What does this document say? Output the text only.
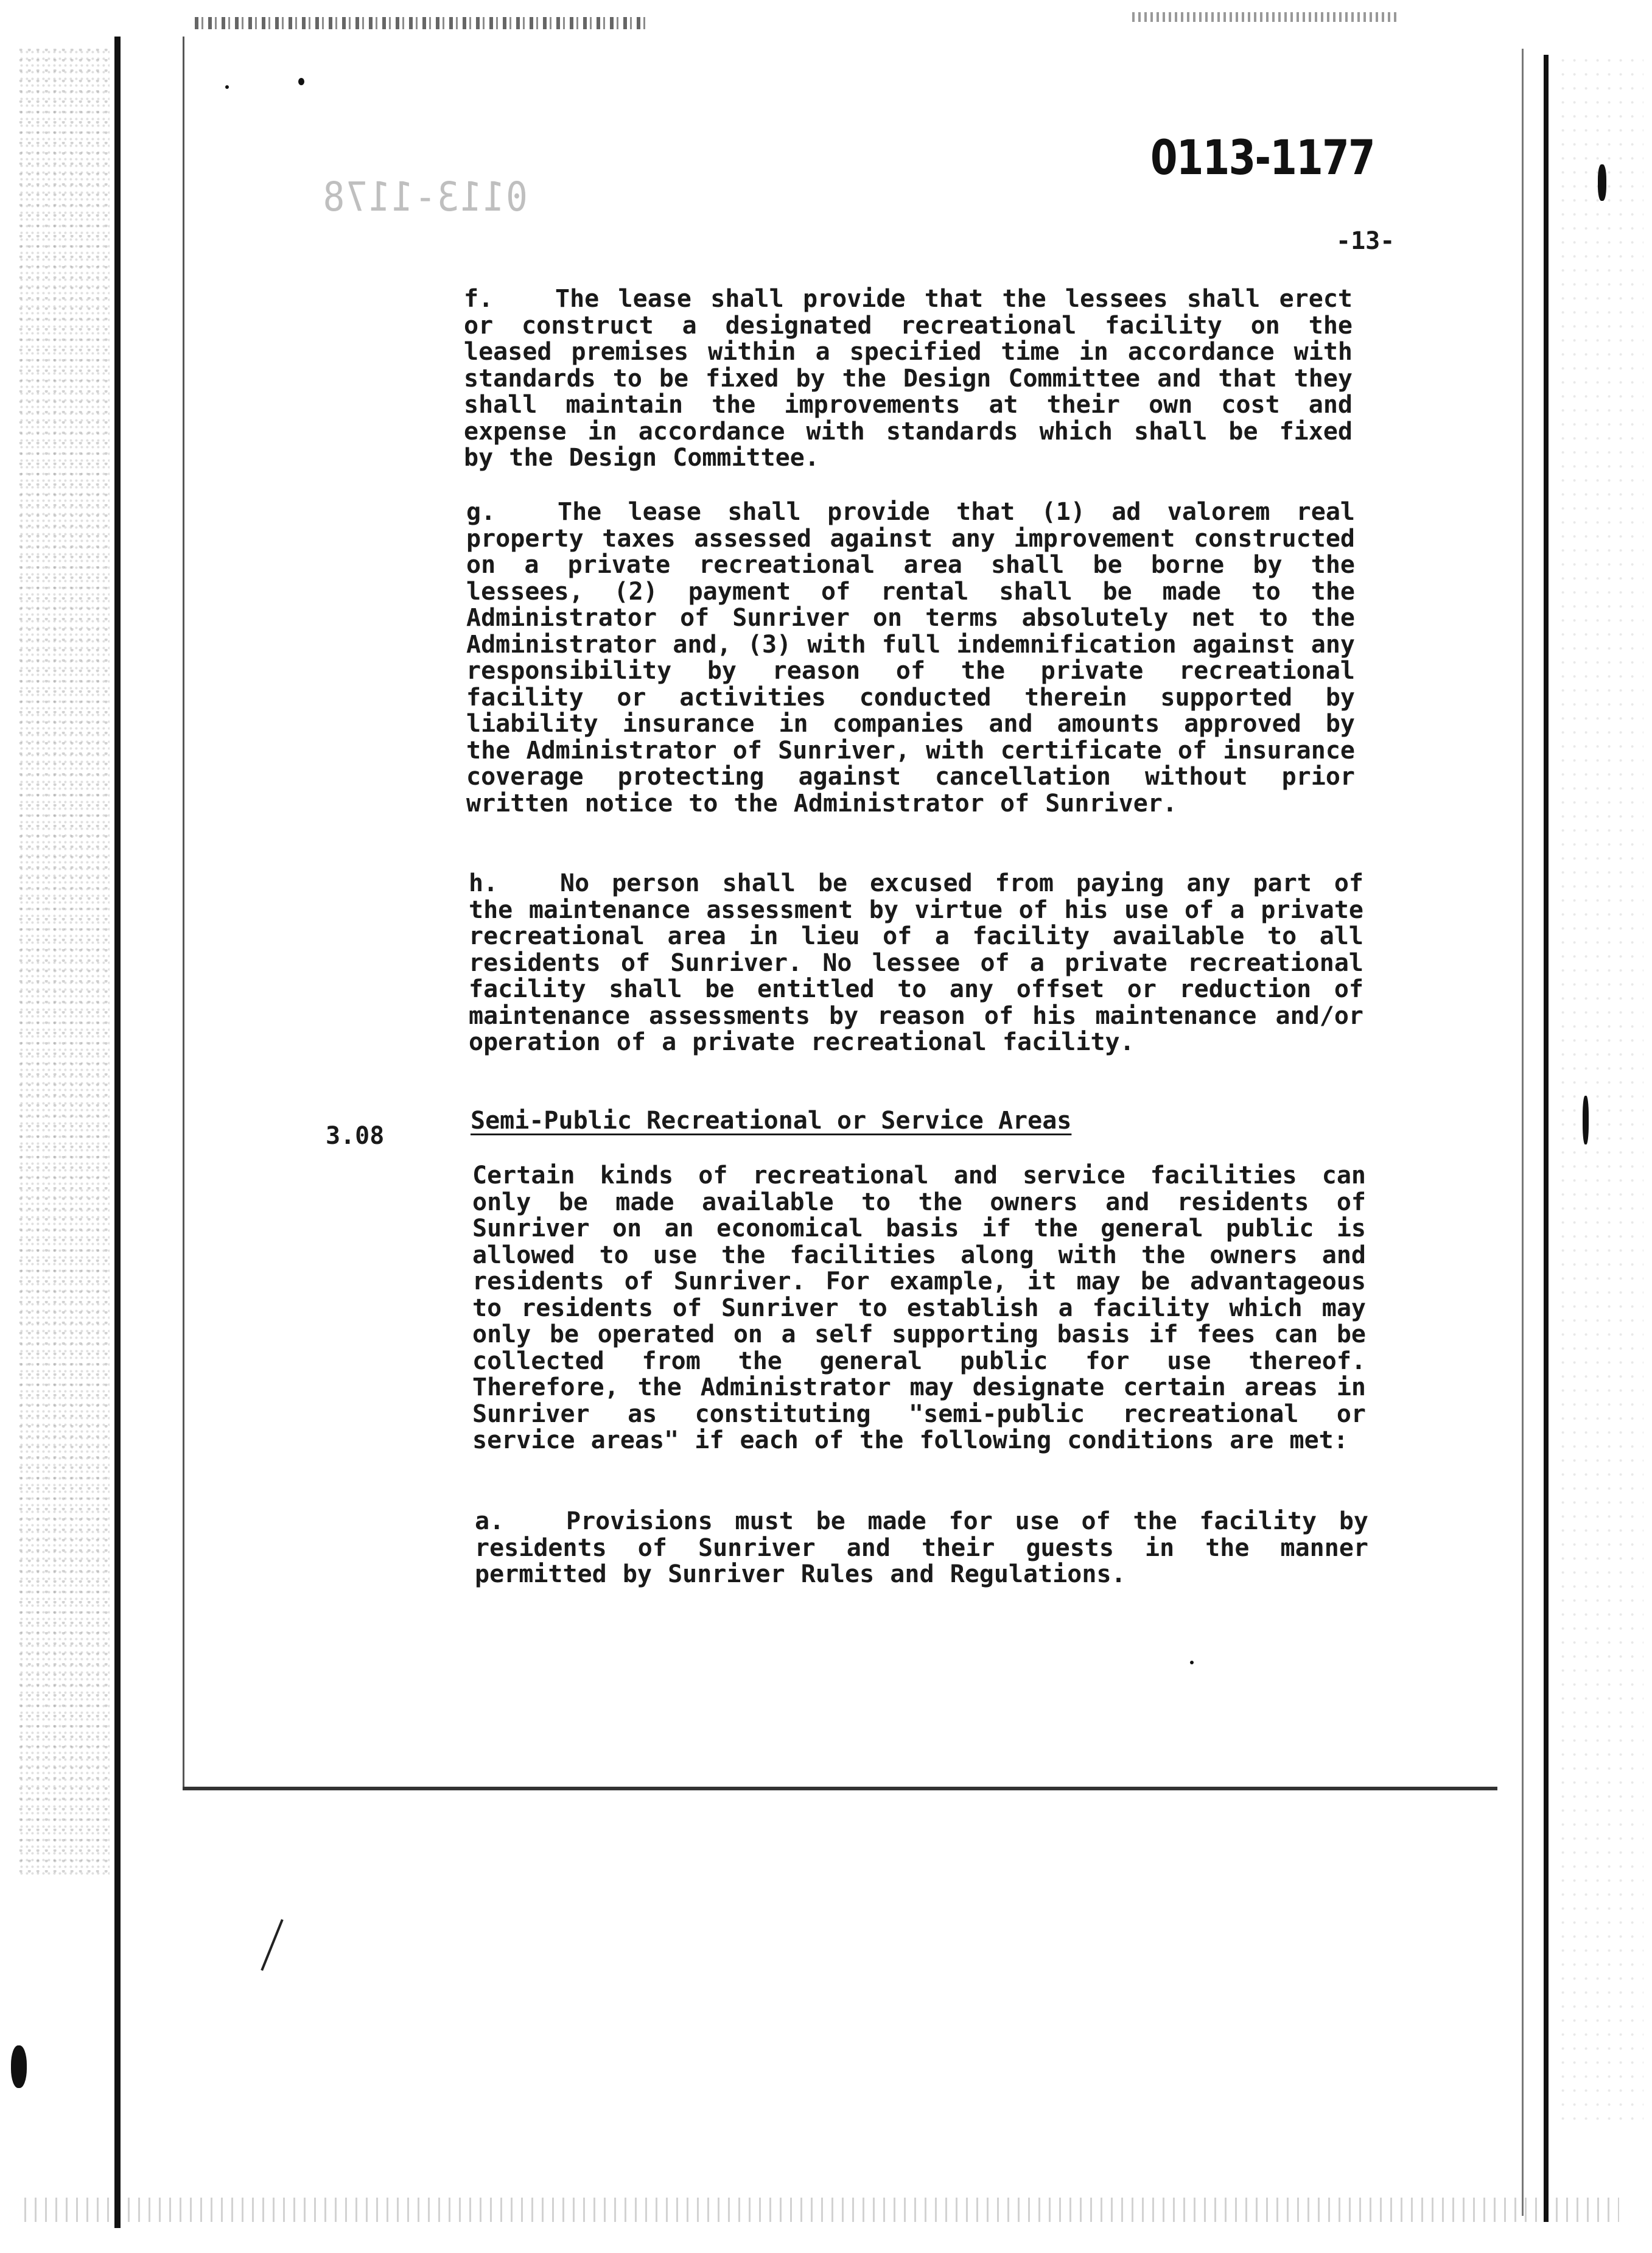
0113-1177
0113-1178
-13-
f.	The lease shall provide that the lessees shall erect or construct a designated recreational facility on the leased premises within a specified time in accordance with standards to be fixed by the Design Committee and that they shall maintain the improvements at their own cost and expense in accordance with standards which shall be fixed by the Design Committee.
g.	The lease shall provide that (1) ad valorem real property taxes assessed against any improvement constructed on a private recreational area shall be borne by the lessees, (2) payment of rental shall be made to the Administrator of Sunriver on terms absolutely net to the Administrator and, (3) with full indemnification against any responsibility by reason of the private recreational facility or activities conducted therein supported by liability insurance in companies and amounts approved by the Administrator of Sunriver, with certificate of insurance coverage protecting against cancellation without prior written notice to the Administrator of Sunriver.
h.	No person shall be excused from paying any part of the maintenance assessment by virtue of his use of a private recreational area in lieu of a facility available to all residents of Sunriver. No lessee of a private recreational facility shall be entitled to any offset or reduction of maintenance assessments by reason of his maintenance and/or operation of a private recreational facility.
3.08
Semi-Public Recreational or Service Areas
Certain kinds of recreational and service facilities can only be made available to the owners and residents of Sunriver on an economical basis if the general public is allowed to use the facilities along with the owners and residents of Sunriver. For example, it may be advantageous to residents of Sunriver to establish a facility which may only be operated on a self supporting basis if fees can be collected from the general public for use thereof. Therefore, the Administrator may designate certain areas in Sunriver as constituting "semi-public recreational or service areas" if each of the following conditions are met:
a.	Provisions must be made for use of the facility by residents of Sunriver and their guests in the manner permitted by Sunriver Rules and Regulations.
